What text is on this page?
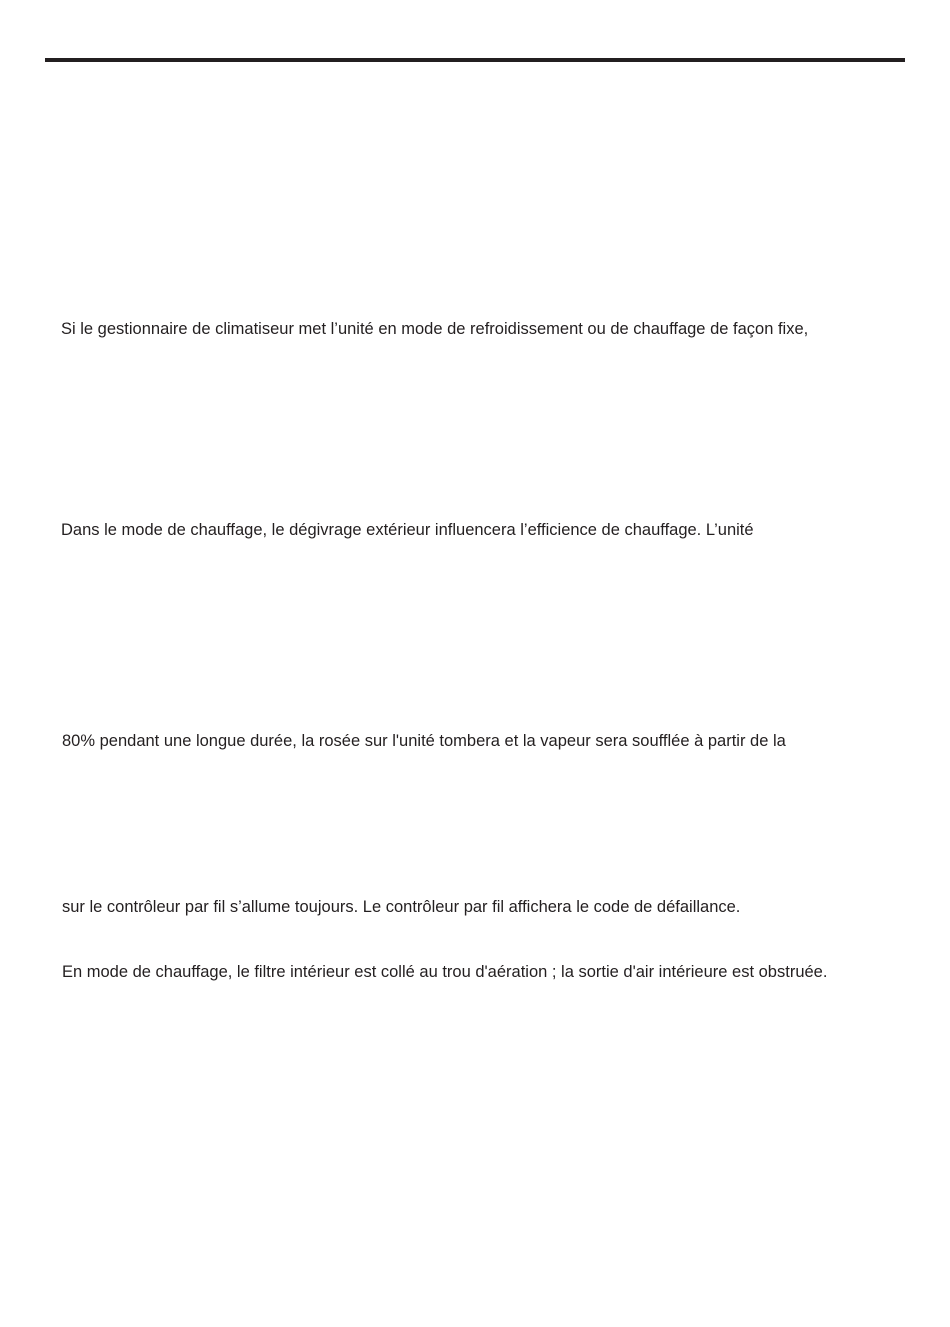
Si le gestionnaire de climatiseur met l’unité en mode de refroidissement ou de chauffage de façon fixe,
Dans le mode de chauffage, le dégivrage extérieur influencera l’efficience de chauffage. L’unité
80% pendant une longue durée, la rosée sur l'unité tombera et la vapeur sera soufflée à partir de la
sur le contrôleur par fil s’allume toujours. Le contrôleur par fil affichera le code de défaillance.
En mode de chauffage, le filtre intérieur est collé au trou d'aération ; la sortie d'air intérieure est obstruée.
